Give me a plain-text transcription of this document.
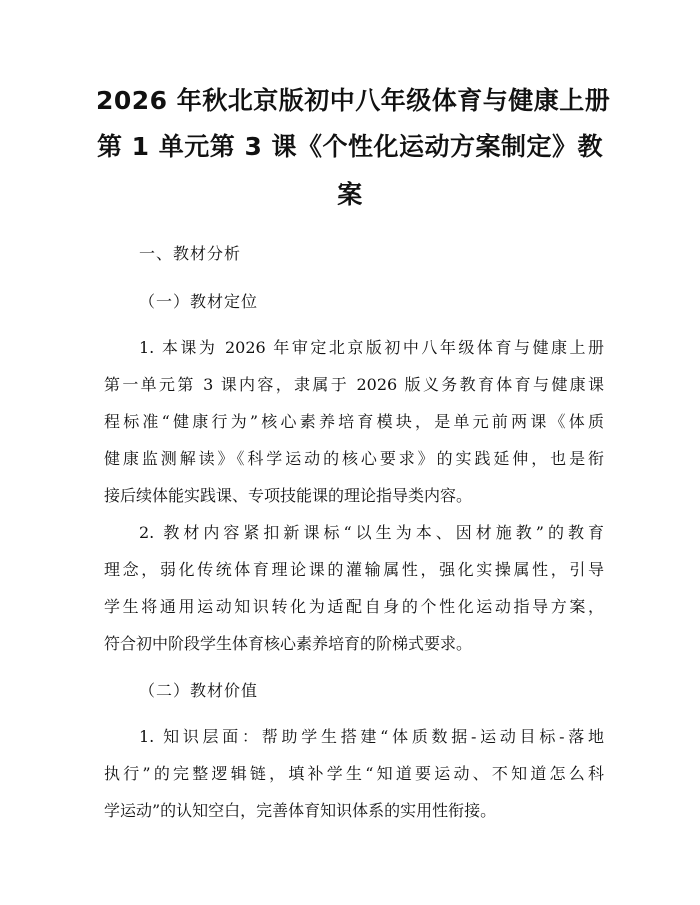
2026 年秋北京版初中八年级体育与健康上册
第 1 单元第 3 课《个性化运动方案制定》教
案

一、教材分析

（一）教材定位

1. 本课为 2026 年审定北京版初中八年级体育与健康上册
第一单元第 3 课内容，隶属于 2026 版义务教育体育与健康课
程标准“健康行为”核心素养培育模块，是单元前两课《体质
健康监测解读》《科学运动的核心要求》的实践延伸，也是衔
接后续体能实践课、专项技能课的理论指导类内容。
2. 教材内容紧扣新课标“以生为本、因材施教”的教育
理念，弱化传统体育理论课的灌输属性，强化实操属性，引导
学生将通用运动知识转化为适配自身的个性化运动指导方案，
符合初中阶段学生体育核心素养培育的阶梯式要求。

（二）教材价值

1. 知识层面：帮助学生搭建“体质数据-运动目标-落地
执行”的完整逻辑链，填补学生“知道要运动、不知道怎么科
学运动”的认知空白，完善体育知识体系的实用性衔接。
